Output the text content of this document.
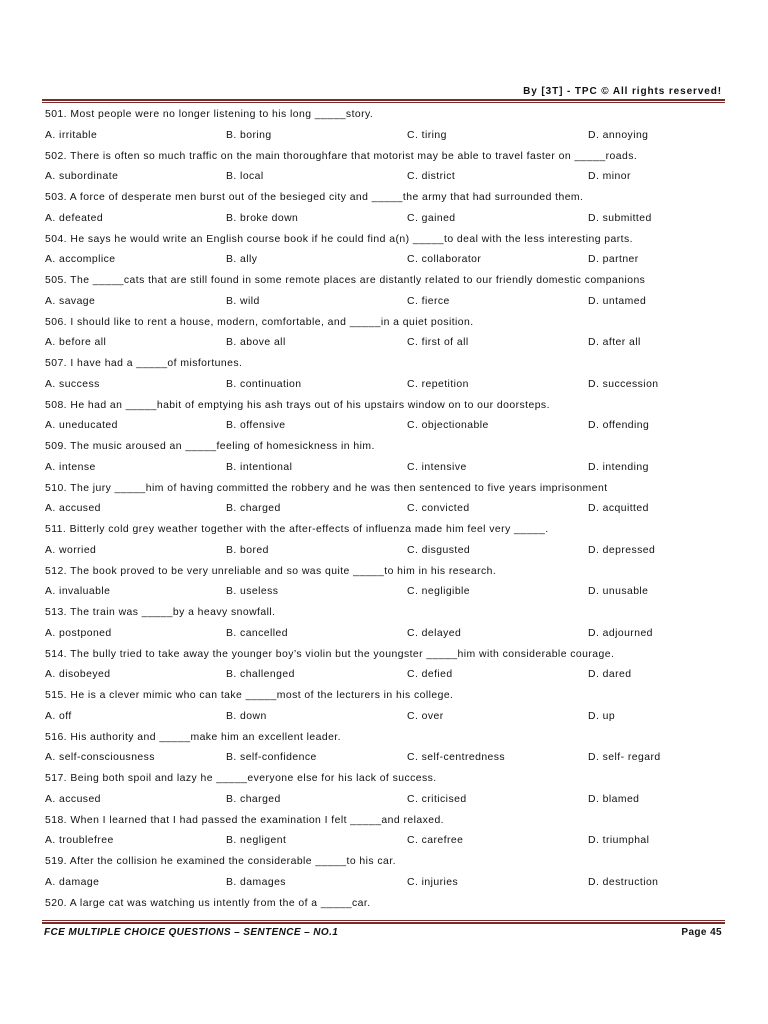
By [3T] - TPC © All rights reserved!
501. Most people were no longer listening to his long _____story.
A. irritable	B. boring	C. tiring	D. annoying
502. There is often so much traffic on the main thoroughfare that motorist may be able to travel faster on _____roads.
A. subordinate	B. local	C. district	D. minor
503. A force of desperate men burst out of the besieged city and _____the army that had surrounded them.
A. defeated	B. broke down	C. gained	D. submitted
504. He says he would write an English course book if he could find a(n) _____to deal with the less interesting parts.
A. accomplice	B. ally	C. collaborator	D. partner
505. The _____cats that are still found in some remote places are distantly related to our friendly domestic companions
A. savage	B. wild	C. fierce	D. untamed
506. I should like to rent a house, modern, comfortable, and _____in a quiet position.
A. before all	B. above all	C. first of all	D. after all
507. I have had a _____of misfortunes.
A. success	B. continuation	C. repetition	D. succession
508. He had an _____habit of emptying his ash trays out of his upstairs window on to our doorsteps.
A. uneducated	B. offensive	C. objectionable	D. offending
509. The music aroused an _____feeling of homesickness in him.
A. intense	B. intentional	C. intensive	D. intending
510. The jury _____him of having committed the robbery and he was then sentenced to five years imprisonment
A. accused	B. charged	C. convicted	D. acquitted
511. Bitterly cold grey weather together with the after-effects of influenza made him feel very _____.
A. worried	B. bored	C. disgusted	D. depressed
512. The book proved to be very unreliable and so was quite _____to him in his research.
A. invaluable	B. useless	C. negligible	D. unusable
513. The train was _____by a heavy snowfall.
A. postponed	B. cancelled	C. delayed	D. adjourned
514. The bully tried to take away the younger boy’s violin but the youngster _____him with considerable courage.
A. disobeyed	B. challenged	C. defied	D. dared
515. He is a clever mimic who can take _____most of the lecturers in his college.
A. off	B. down	C. over	D. up
516. His authority and _____make him an excellent leader.
A. self-consciousness	B. self-confidence	C. self-centredness	D. self- regard
517. Being both spoil and lazy he _____everyone else for his lack of success.
A. accused	B. charged	C. criticised	D. blamed
518. When I learned that I had passed the examination I felt _____and relaxed.
A. troublefree	B. negligent	C. carefree	D. triumphal
519. After the collision he examined the considerable _____to his car.
A. damage	B. damages	C. injuries	D. destruction
520. A large cat was watching us intently from the of a _____car.
FCE MULTIPLE CHOICE QUESTIONS – SENTENCE – NO.1	Page 45
